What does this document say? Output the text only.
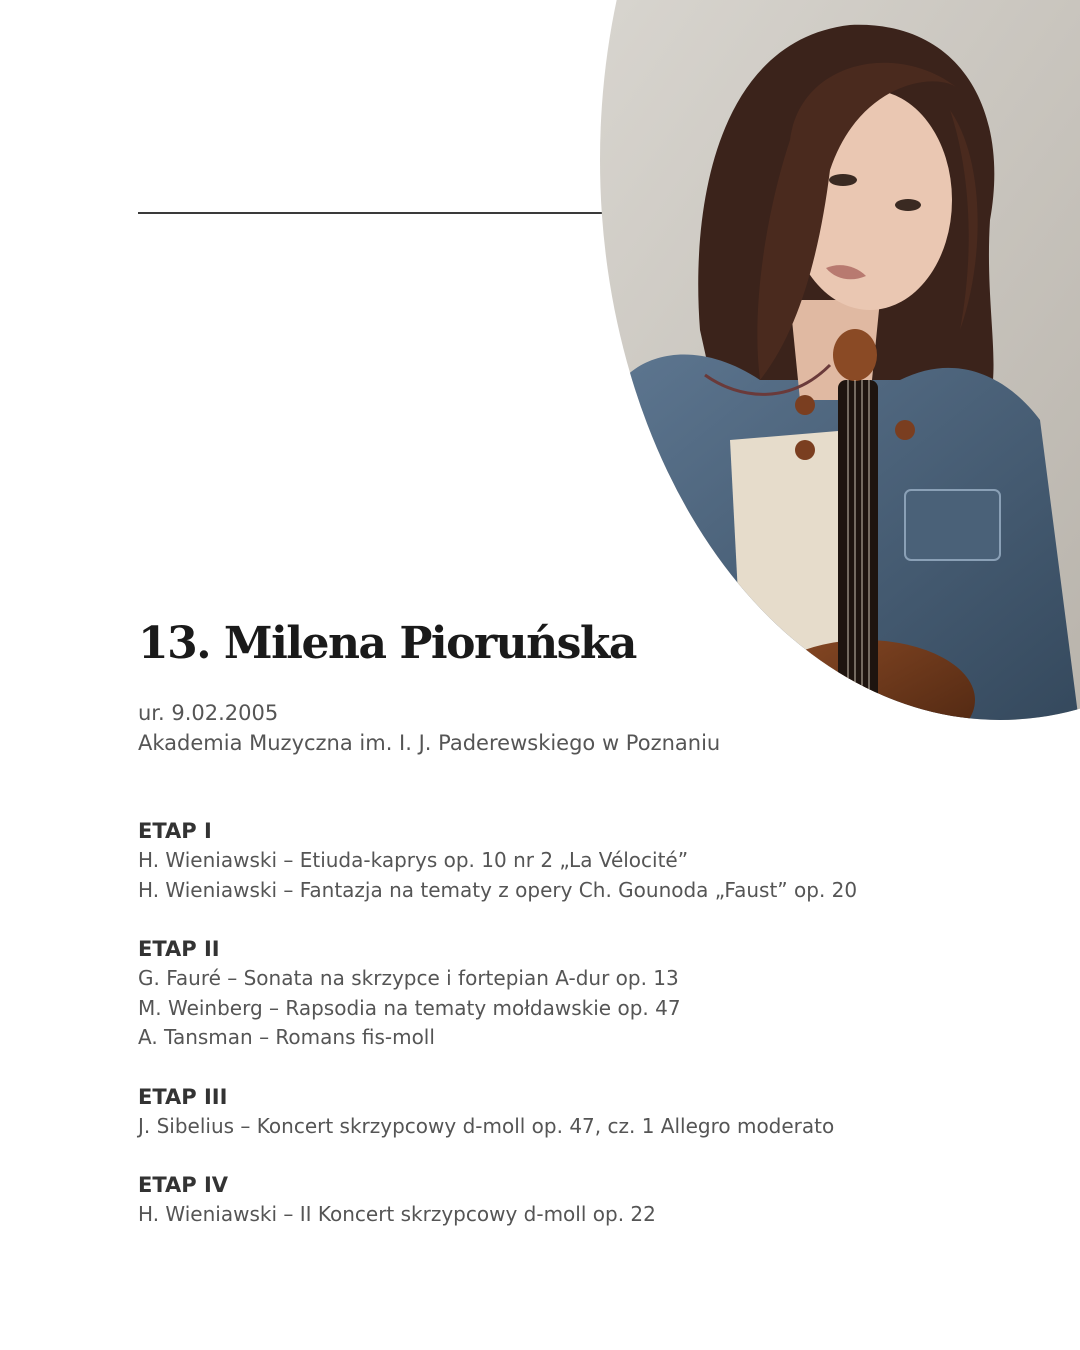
13. Milena Pioruńska
ur. 9.02.2005
Akademia Muzyczna im. I. J. Paderewskiego w Poznaniu
ETAP I
H. Wieniawski – Etiuda-kaprys op. 10 nr 2 „La Vélocité”
H. Wieniawski – Fantazja na tematy z opery Ch. Gounoda „Faust” op. 20
ETAP II
G. Fauré – Sonata na skrzypce i fortepian A-dur op. 13
M. Weinberg – Rapsodia na tematy mołdawskie op. 47
A. Tansman – Romans fis-moll
ETAP III
J. Sibelius – Koncert skrzypcowy d-moll op. 47, cz. 1 Allegro moderato
ETAP IV
H. Wieniawski – II Koncert skrzypcowy d-moll op. 22
